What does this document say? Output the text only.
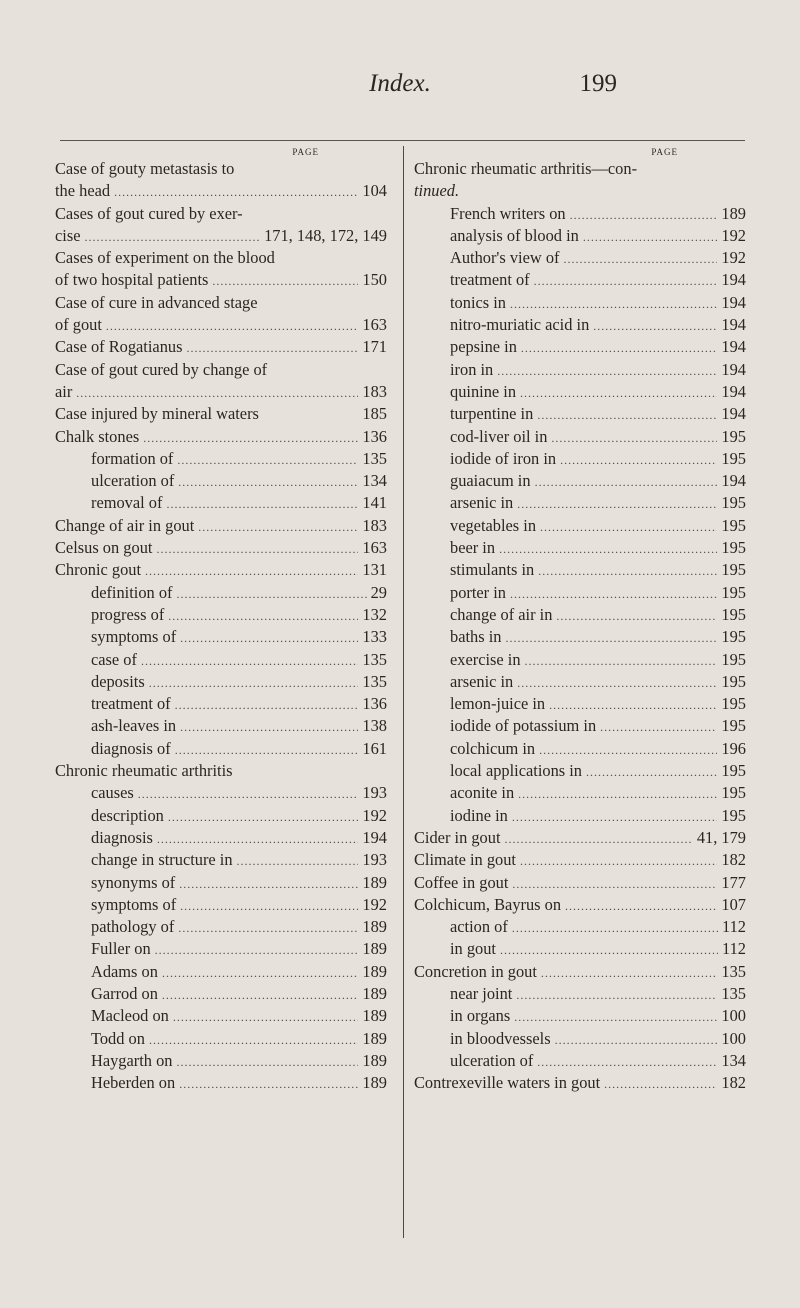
Index.	199
PAGE
Case of gouty metastasis to
the head .....	104
Cases of gout cured by exer-
cise .....	171, 148, 172, 149
Cases of experiment on the blood
of two hospital patients .....	150
Case of cure in advanced stage
of gout .....	163
Case of Rogatianus .....	171
Case of gout cured by change of
air .....	183
Case injured by mineral waters	185
Chalk stones .....	136
formation of .....	135
ulceration of .....	134
removal of .....	141
Change of air in gout .....	183
Celsus on gout .....	163
Chronic gout .....	131
definition of .....	29
progress of .....	132
symptoms of .....	133
case of .....	135
deposits .....	135
treatment of .....	136
ash-leaves in .....	138
diagnosis of .....	161
Chronic rheumatic arthritis
causes .....	193
description .....	192
diagnosis .....	194
change in structure in .....	193
synonyms of .....	189
symptoms of .....	192
pathology of .....	189
Fuller on .....	189
Adams on .....	189
Garrod on .....	189
Macleod on .....	189
Todd on .....	189
Haygarth on .....	189
Heberden on .....	189
PAGE
Chronic rheumatic arthritis—con-
tinued.
French writers on .....	189
analysis of blood in .....	192
Author's view of .....	192
treatment of .....	194
tonics in .....	194
nitro-muriatic acid in .....	194
pepsine in .....	194
iron in .....	194
quinine in .....	194
turpentine in .....	194
cod-liver oil in .....	195
iodide of iron in .....	195
guaiacum in .....	194
arsenic in .....	195
vegetables in .....	195
beer in .....	195
stimulants in .....	195
porter in .....	195
change of air in .....	195
baths in .....	195
exercise in .....	195
arsenic in .....	195
lemon-juice in .....	195
iodide of potassium in .....	195
colchicum in .....	196
local applications in .....	195
aconite in .....	195
iodine in .....	195
Cider in gout .....	41, 179
Climate in gout .....	182
Coffee in gout .....	177
Colchicum, Bayrus on .....	107
action of .....	112
in gout .....	112
Concretion in gout .....	135
near joint .....	135
in organs .....	100
in bloodvessels .....	100
ulceration of .....	134
Contrexeville waters in gout .....	182
